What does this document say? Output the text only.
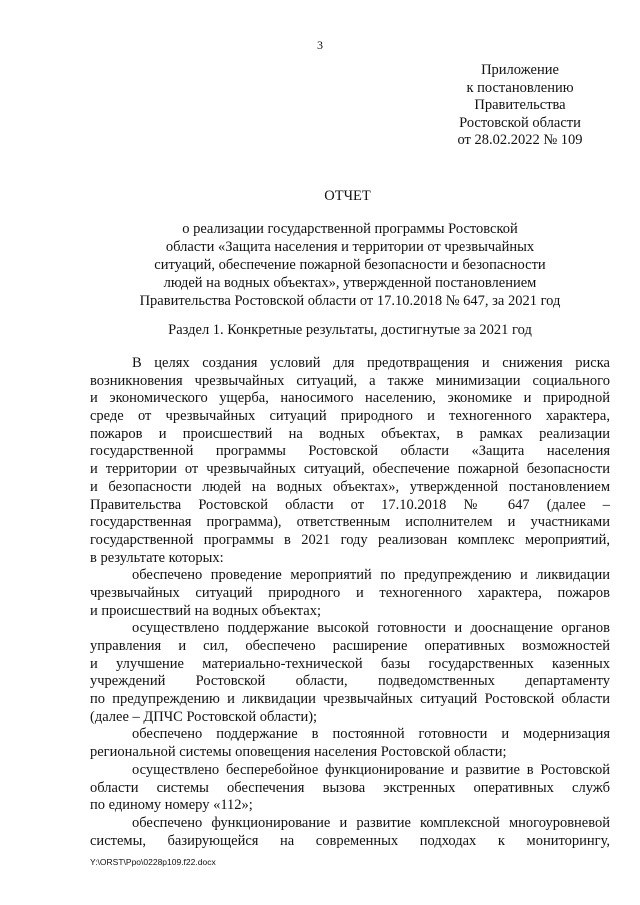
3
Приложение
к постановлению
Правительства
Ростовской области
от 28.02.2022 № 109
ОТЧЕТ
о реализации государственной программы Ростовской
области «Защита населения и территории от чрезвычайных
ситуаций, обеспечение пожарной безопасности и безопасности
людей на водных объектах», утвержденной постановлением
Правительства Ростовской области от 17.10.2018 № 647, за 2021 год
Раздел 1. Конкретные результаты, достигнутые за 2021 год
В целях создания условий для предотвращения и снижения риска
возникновения чрезвычайных ситуаций, а также минимизации социального
и экономического ущерба, наносимого населению, экономике и природной
среде от чрезвычайных ситуаций природного и техногенного характера,
пожаров и происшествий на водных объектах, в рамках реализации
государственной программы Ростовской области «Защита населения
и территории от чрезвычайных ситуаций, обеспечение пожарной безопасности
и безопасности людей на водных объектах», утвержденной постановлением
Правительства Ростовской области от 17.10.2018 № 647 (далее –
государственная программа), ответственным исполнителем и участниками
государственной программы в 2021 году реализован комплекс мероприятий,
в результате которых:
обеспечено проведение мероприятий по предупреждению и ликвидации
чрезвычайных ситуаций природного и техногенного характера, пожаров
и происшествий на водных объектах;
осуществлено поддержание высокой готовности и дооснащение органов
управления и сил, обеспечено расширение оперативных возможностей
и улучшение материально-технической базы государственных казенных
учреждений Ростовской области, подведомственных департаменту
по предупреждению и ликвидации чрезвычайных ситуаций Ростовской области
(далее – ДПЧС Ростовской области);
обеспечено поддержание в постоянной готовности и модернизация
региональной системы оповещения населения Ростовской области;
осуществлено бесперебойное функционирование и развитие в Ростовской
области системы обеспечения вызова экстренных оперативных служб
по единому номеру «112»;
обеспечено функционирование и развитие комплексной многоуровневой
системы, базирующейся на современных подходах к мониторингу,
Y:\ORST\Ppo\0228p109.f22.docx
